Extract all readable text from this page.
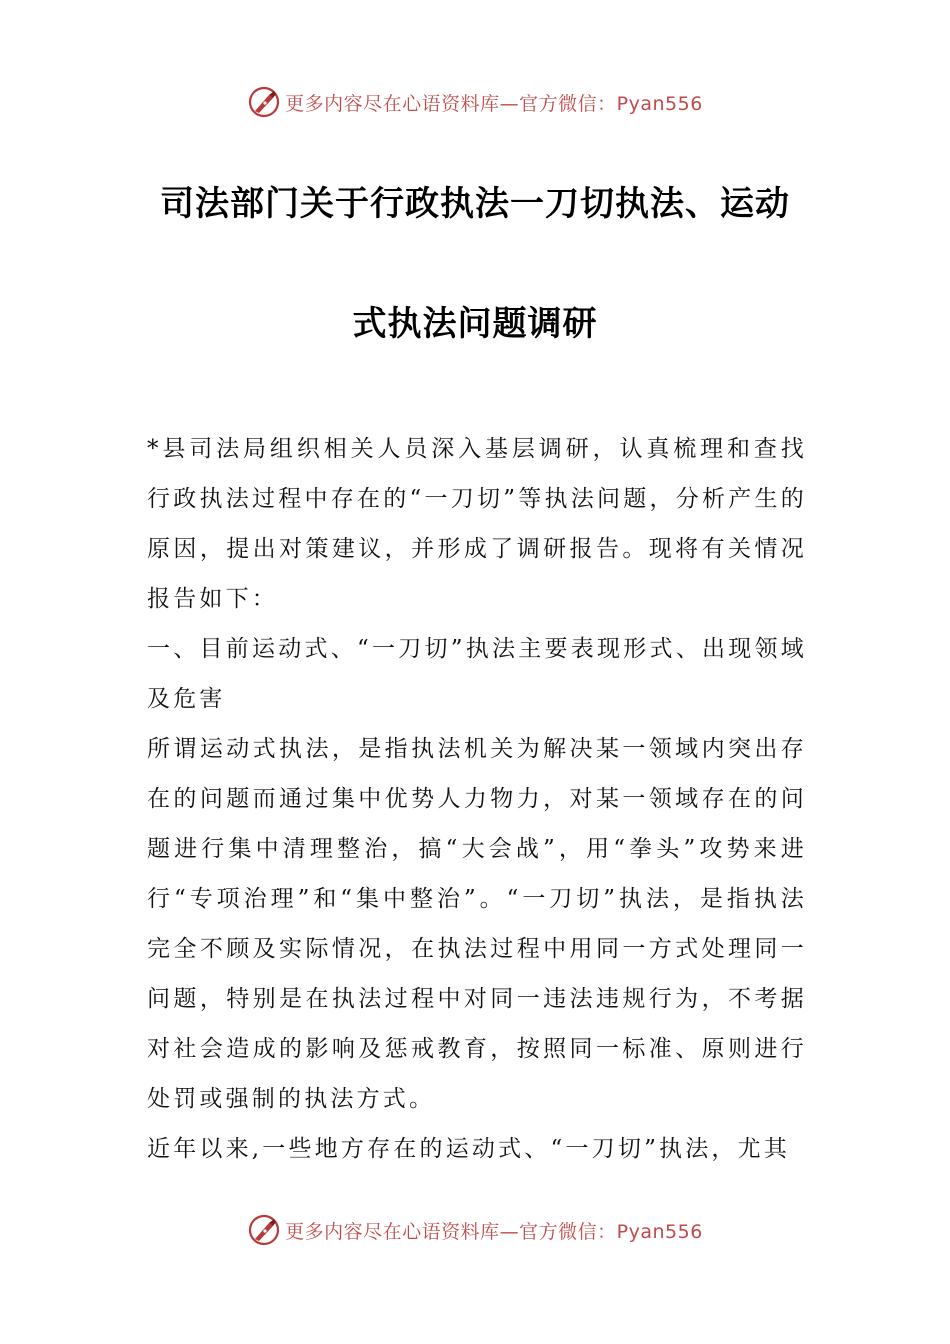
更多内容尽在心语资料库—官方微信：Pyan556
司法部门关于行政执法一刀切执法、运动
式执法问题调研

*县司法局组织相关人员深入基层调研，认真梳理和查找行政执法过程中存在的“一刀切”等执法问题，分析产生的原因，提出对策建议，并形成了调研报告。现将有关情况报告如下：

一、目前运动式、“一刀切”执法主要表现形式、出现领域及危害

所谓运动式执法，是指执法机关为解决某一领域内突出存在的问题而通过集中优势人力物力，对某一领域存在的问题进行集中清理整治，搞“大会战”，用“拳头”攻势来进行“专项治理”和“集中整治”。“一刀切”执法，是指执法完全不顾及实际情况，在执法过程中用同一方式处理同一问题，特别是在执法过程中对同一违法违规行为，不考据对社会造成的影响及惩戒教育，按照同一标准、原则进行处罚或强制的执法方式。

近年以来,一些地方存在的运动式、“一刀切”执法，尤其

更多内容尽在心语资料库—官方微信：Pyan556
